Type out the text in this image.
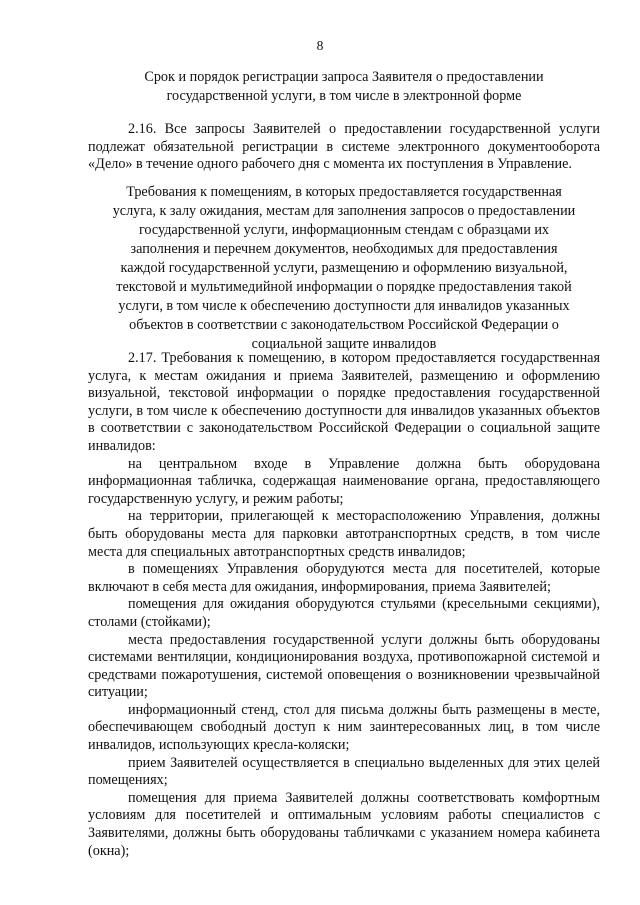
8
Срок и порядок регистрации запроса Заявителя о предоставлении
государственной услуги, в том числе в электронной форме

2.16. Все запросы Заявителей о предоставлении государственной услуги подлежат обязательной регистрации в системе электронного документооборота «Дело» в течение одного рабочего дня с момента их поступления в Управление.

Требования к помещениям, в которых предоставляется государственная
услуга, к залу ожидания, местам для заполнения запросов о предоставлении
государственной услуги, информационным стендам с образцами их
заполнения и перечнем документов, необходимых для предоставления
каждой государственной услуги, размещению и оформлению визуальной,
текстовой и мультимедийной информации о порядке предоставления такой
услуги, в том числе к обеспечению доступности для инвалидов указанных
объектов в соответствии с законодательством Российской Федерации о
социальной защите инвалидов

2.17. Требования к помещению, в котором предоставляется государственная услуга, к местам ожидания и приема Заявителей, размещению и оформлению визуальной, текстовой информации о порядке предоставления государственной услуги, в том числе к обеспечению доступности для инвалидов указанных объектов в соответствии с законодательством Российской Федерации о социальной защите инвалидов:

на центральном входе в Управление должна быть оборудована информационная табличка, содержащая наименование органа, предоставляющего государственную услугу, и режим работы;

на территории, прилегающей к месторасположению Управления, должны быть оборудованы места для парковки автотранспортных средств, в том числе места для специальных автотранспортных средств инвалидов;

в помещениях Управления оборудуются места для посетителей, которые включают в себя места для ожидания, информирования, приема Заявителей;

помещения для ожидания оборудуются стульями (кресельными секциями), столами (стойками);

места предоставления государственной услуги должны быть оборудованы системами вентиляции, кондиционирования воздуха, противопожарной системой и средствами пожаротушения, системой оповещения о возникновении чрезвычайной ситуации;

информационный стенд, стол для письма должны быть размещены в месте, обеспечивающем свободный доступ к ним заинтересованных лиц, в том числе инвалидов, использующих кресла-коляски;

прием Заявителей осуществляется в специально выделенных для этих целей помещениях;

помещения для приема Заявителей должны соответствовать комфортным условиям для посетителей и оптимальным условиям работы специалистов с Заявителями, должны быть оборудованы табличками с указанием номера кабинета (окна);
